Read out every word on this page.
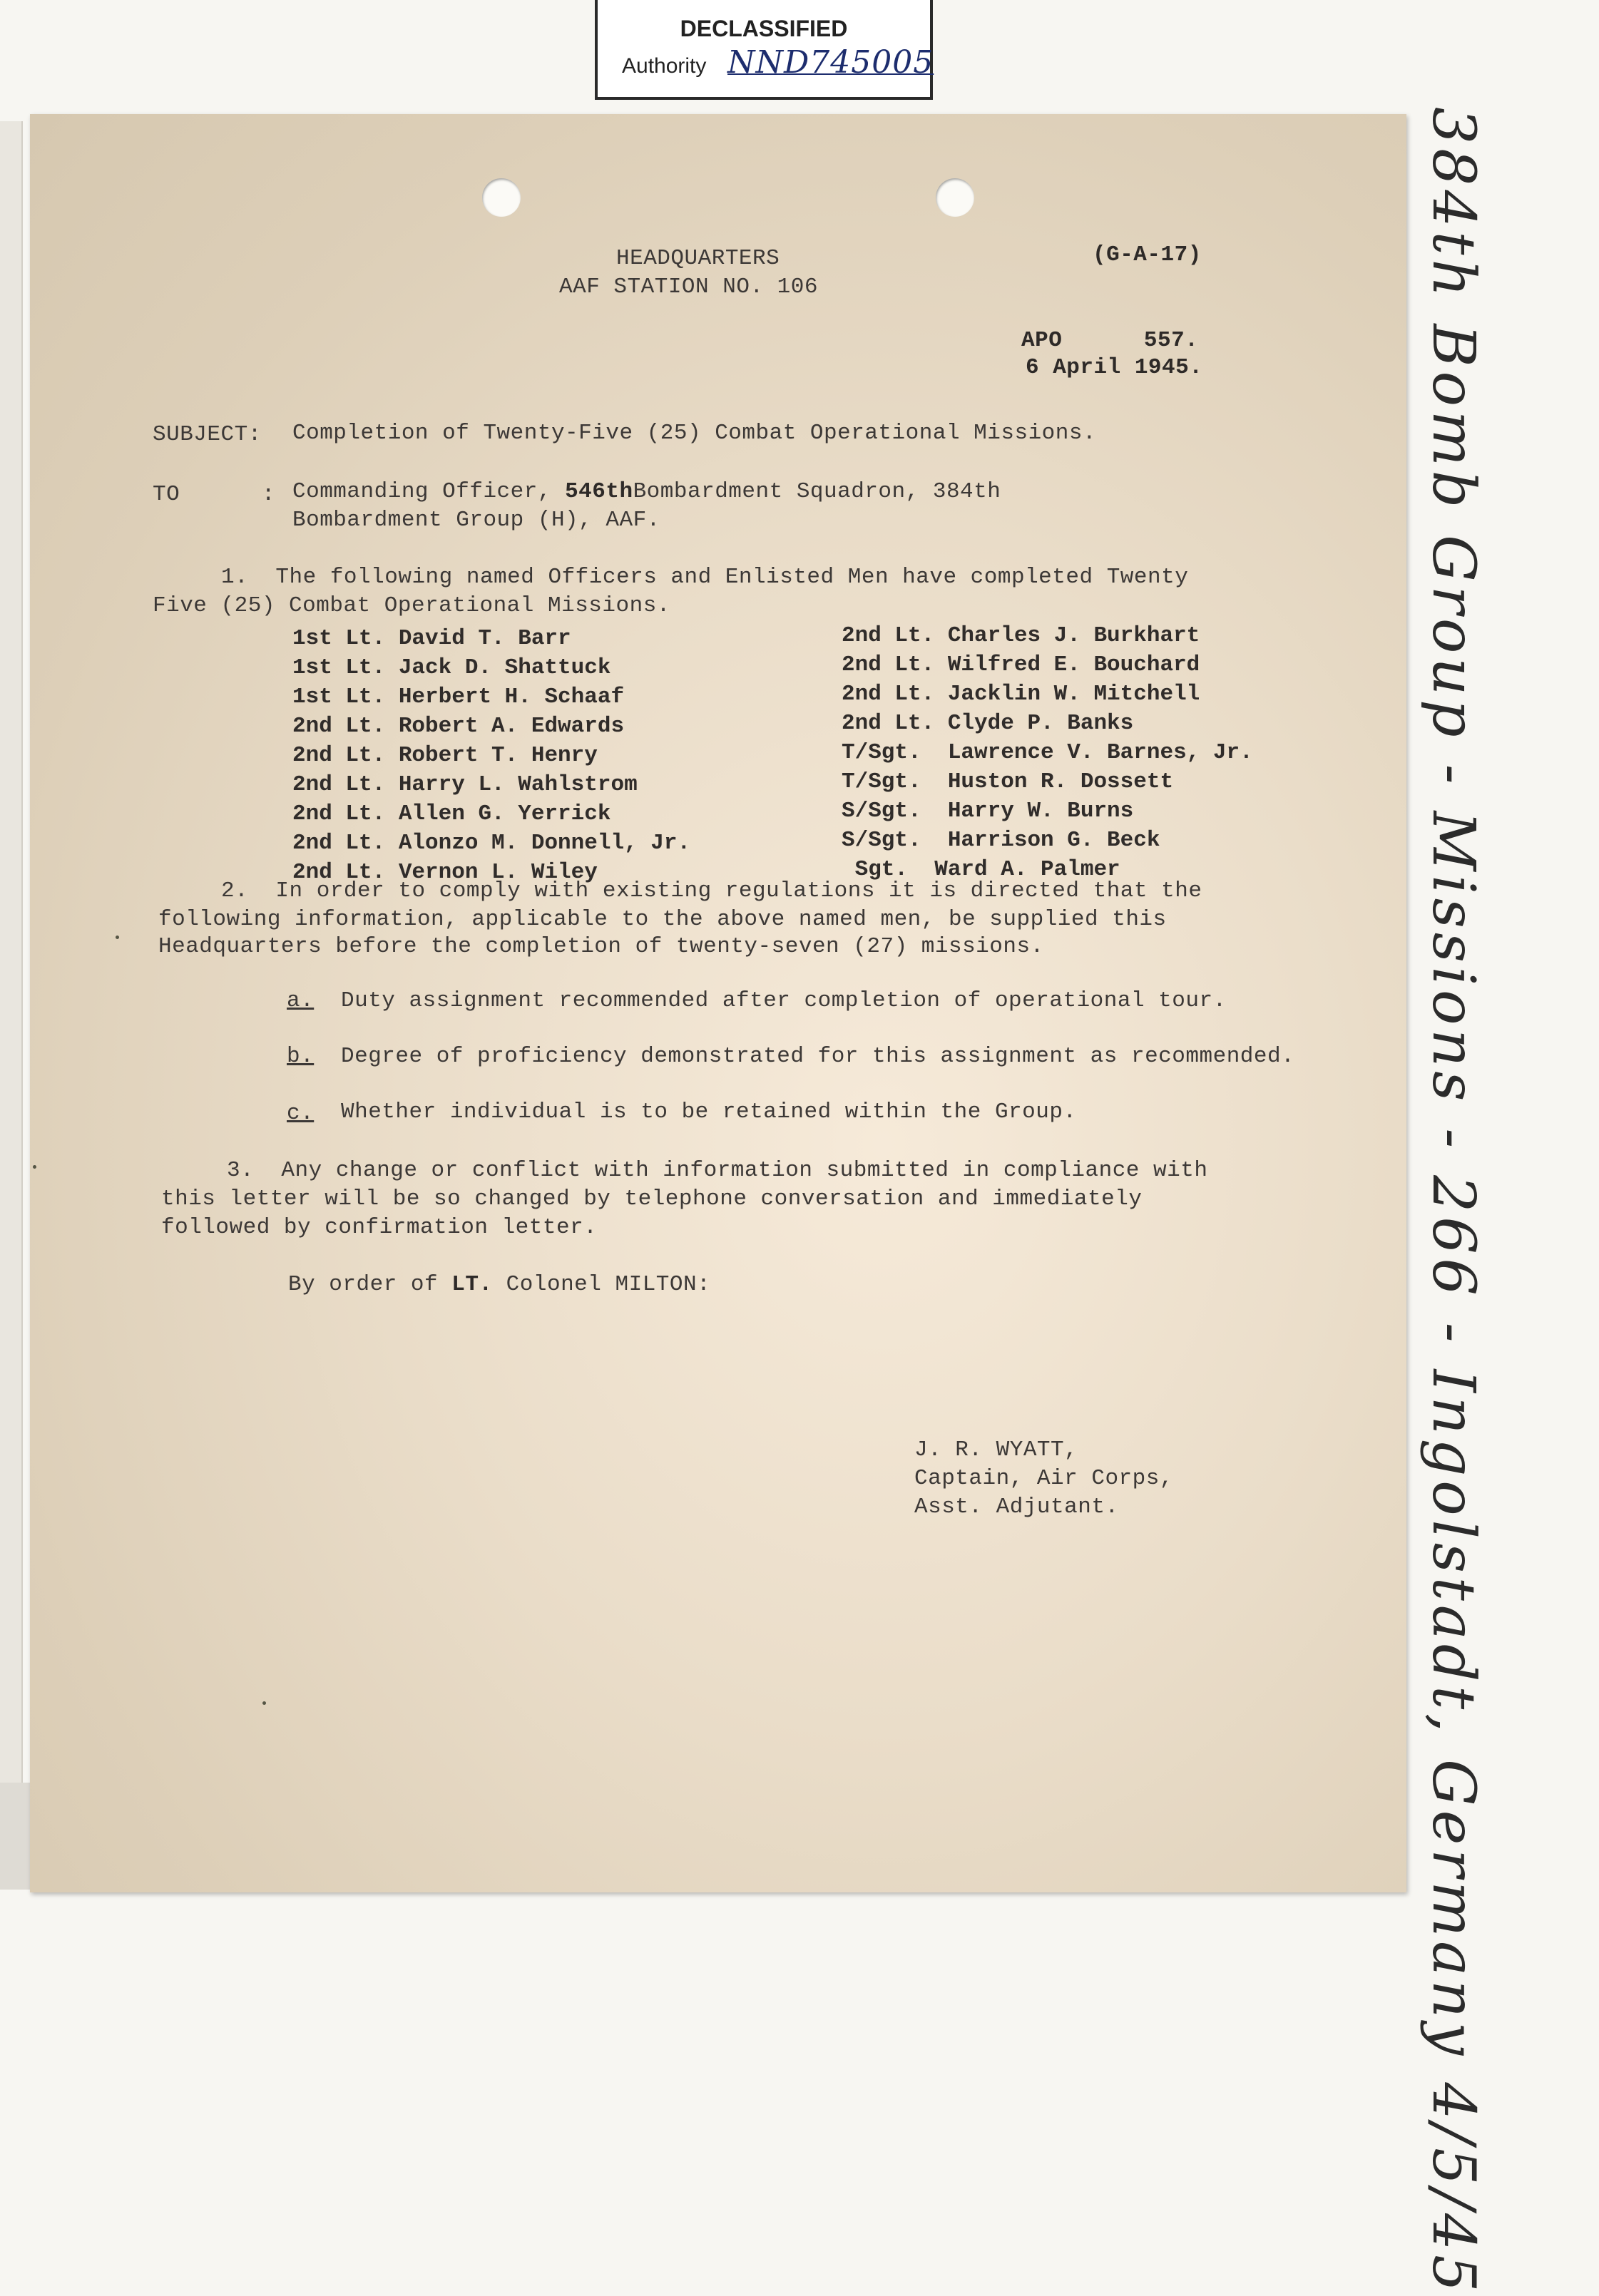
DECLASSIFIED
Authority NND745005
HEADQUARTERS
AAF STATION NO. 106
(G-A-17)
APO      557.
6 April 1945.
SUBJECT: Completion of Twenty-Five (25) Combat Operational Missions.
TO      : Commanding Officer, 546thBombardment Squadron, 384th
Bombardment Group (H), AAF.
1.  The following named Officers and Enlisted Men have completed Twenty
Five (25) Combat Operational Missions.
1st Lt. David T. Barr
1st Lt. Jack D. Shattuck
1st Lt. Herbert H. Schaaf
2nd Lt. Robert A. Edwards
2nd Lt. Robert T. Henry
2nd Lt. Harry L. Wahlstrom
2nd Lt. Allen G. Yerrick
2nd Lt. Alonzo M. Donnell, Jr.
2nd Lt. Vernon L. Wiley
2nd Lt. Charles J. Burkhart
2nd Lt. Wilfred E. Bouchard
2nd Lt. Jacklin W. Mitchell
2nd Lt. Clyde P. Banks
T/Sgt.  Lawrence V. Barnes, Jr.
T/Sgt.  Huston R. Dossett
S/Sgt.  Harry W. Burns
S/Sgt.  Harrison G. Beck
Sgt.  Ward A. Palmer
2.  In order to comply with existing regulations it is directed that the
following information, applicable to the above named men, be supplied this
Headquarters before the completion of twenty-seven (27) missions.
a. Duty assignment recommended after completion of operational tour.
b. Degree of proficiency demonstrated for this assignment as recommended.
c. Whether individual is to be retained within the Group.
3.  Any change or conflict with information submitted in compliance with
this letter will be so changed by telephone conversation and immediately
followed by confirmation letter.
By order of LT. Colonel MILTON:
J. R. WYATT,
Captain, Air Corps,
Asst. Adjutant.	384th Bomb Group - Missions - 266 - Ingolstadt, Germany 4/5/45
